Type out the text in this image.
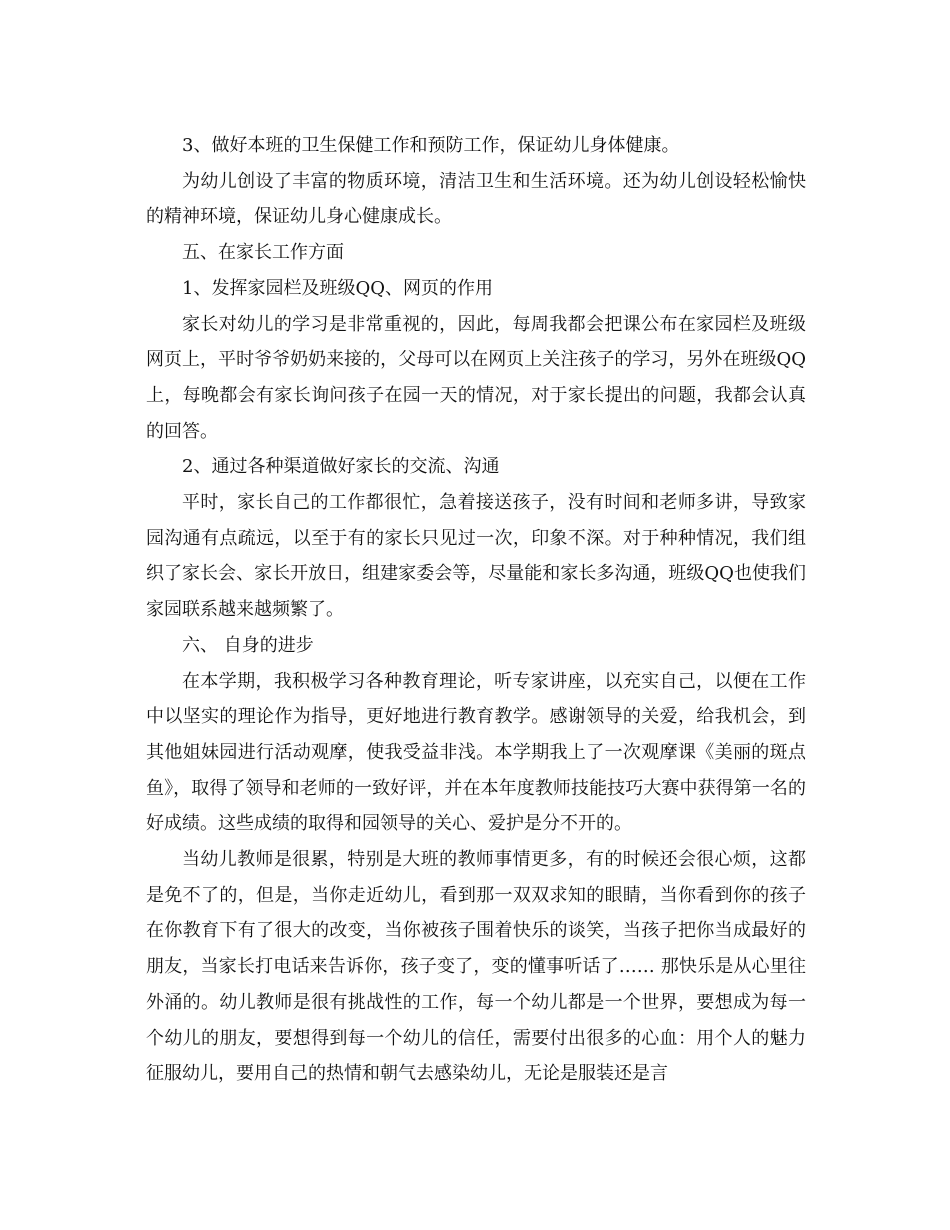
3、做好本班的卫生保健工作和预防工作，保证幼儿身体健康。

为幼儿创设了丰富的物质环境，清洁卫生和生活环境。还为幼儿创设轻松愉快的精神环境，保证幼儿身心健康成长。

五、在家长工作方面

1、发挥家园栏及班级QQ、网页的作用

家长对幼儿的学习是非常重视的，因此，每周我都会把课公布在家园栏及班级网页上，平时爷爷奶奶来接的，父母可以在网页上关注孩子的学习，另外在班级QQ上，每晚都会有家长询问孩子在园一天的情况，对于家长提出的问题，我都会认真的回答。

2、通过各种渠道做好家长的交流、沟通

平时，家长自己的工作都很忙，急着接送孩子，没有时间和老师多讲，导致家园沟通有点疏远，以至于有的家长只见过一次，印象不深。对于种种情况，我们组织了家长会、家长开放日，组建家委会等，尽量能和家长多沟通，班级QQ也使我们家园联系越来越频繁了。

六、 自身的进步

在本学期，我积极学习各种教育理论，听专家讲座，以充实自己，以便在工作中以坚实的理论作为指导，更好地进行教育教学。感谢领导的关爱，给我机会，到其他姐妹园进行活动观摩，使我受益非浅。本学期我上了一次观摩课《美丽的斑点鱼》，取得了领导和老师的一致好评，并在本年度教师技能技巧大赛中获得第一名的好成绩。这些成绩的取得和园领导的关心、爱护是分不开的。

当幼儿教师是很累，特别是大班的教师事情更多，有的时候还会很心烦，这都是免不了的，但是，当你走近幼儿，看到那一双双求知的眼睛，当你看到你的孩子在你教育下有了很大的改变，当你被孩子围着快乐的谈笑，当孩子把你当成最好的朋友，当家长打电话来告诉你，孩子变了，变的懂事听话了…… 那快乐是从心里往外涌的。幼儿教师是很有挑战性的工作，每一个幼儿都是一个世界，要想成为每一个幼儿的朋友，要想得到每一个幼儿的信任，需要付出很多的心血：用个人的魅力征服幼儿，要用自己的热情和朝气去感染幼儿，无论是服装还是言
